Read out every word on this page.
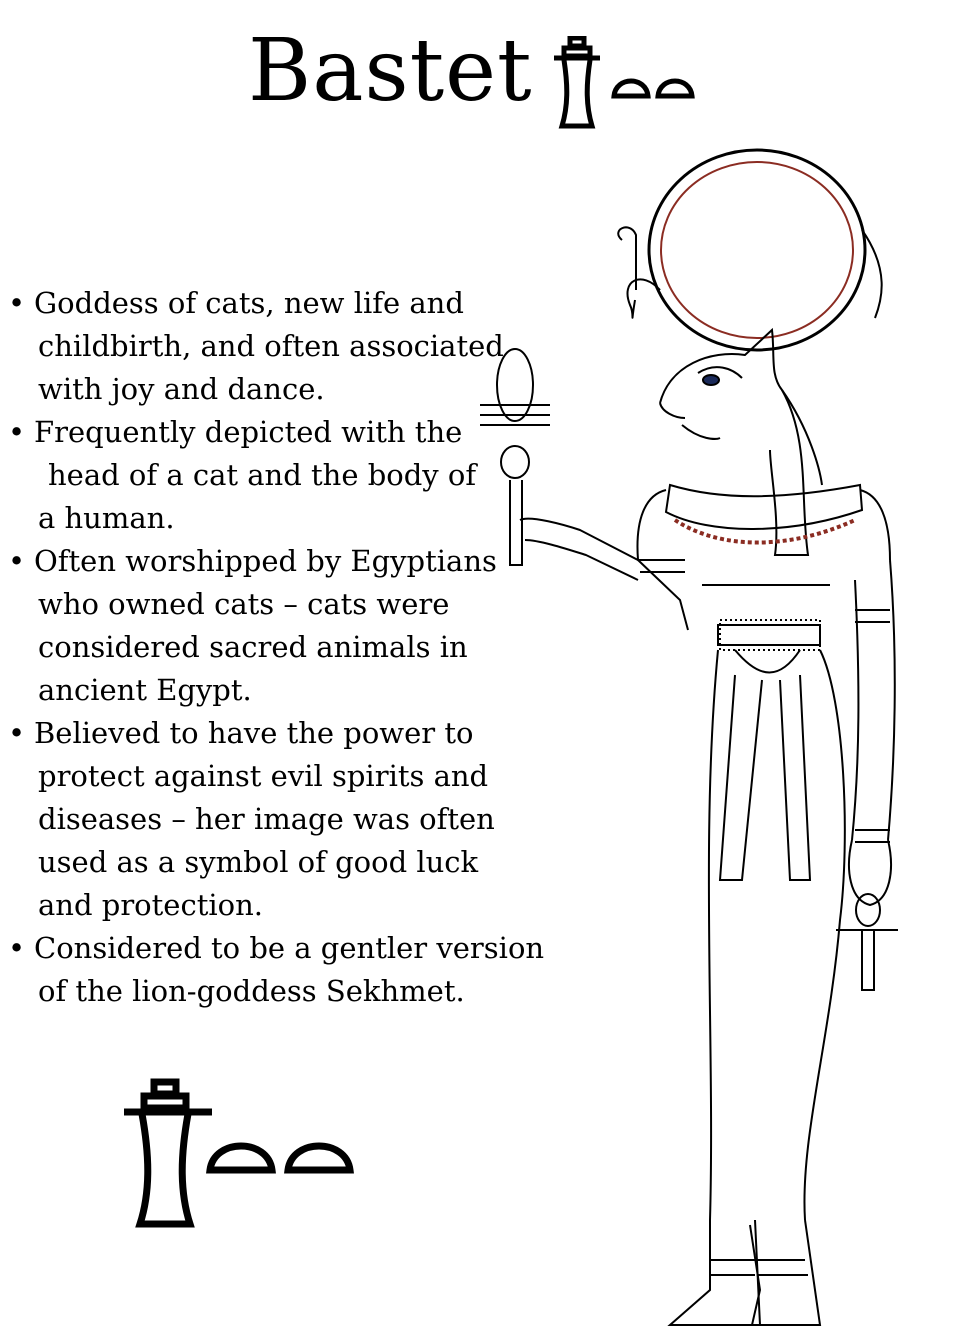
Bastet
• Goddess of cats, new life and
childbirth, and often associated
with joy and dance.
• Frequently depicted with the
head of a cat and the body of
a human.
• Often worshipped by Egyptians
who owned cats – cats were
considered sacred animals in
ancient Egypt.
• Believed to have the power to
protect against evil spirits and
diseases – her image was often
used as a symbol of good luck
and protection.
• Considered to be a gentler version
of the lion-goddess Sekhmet.
